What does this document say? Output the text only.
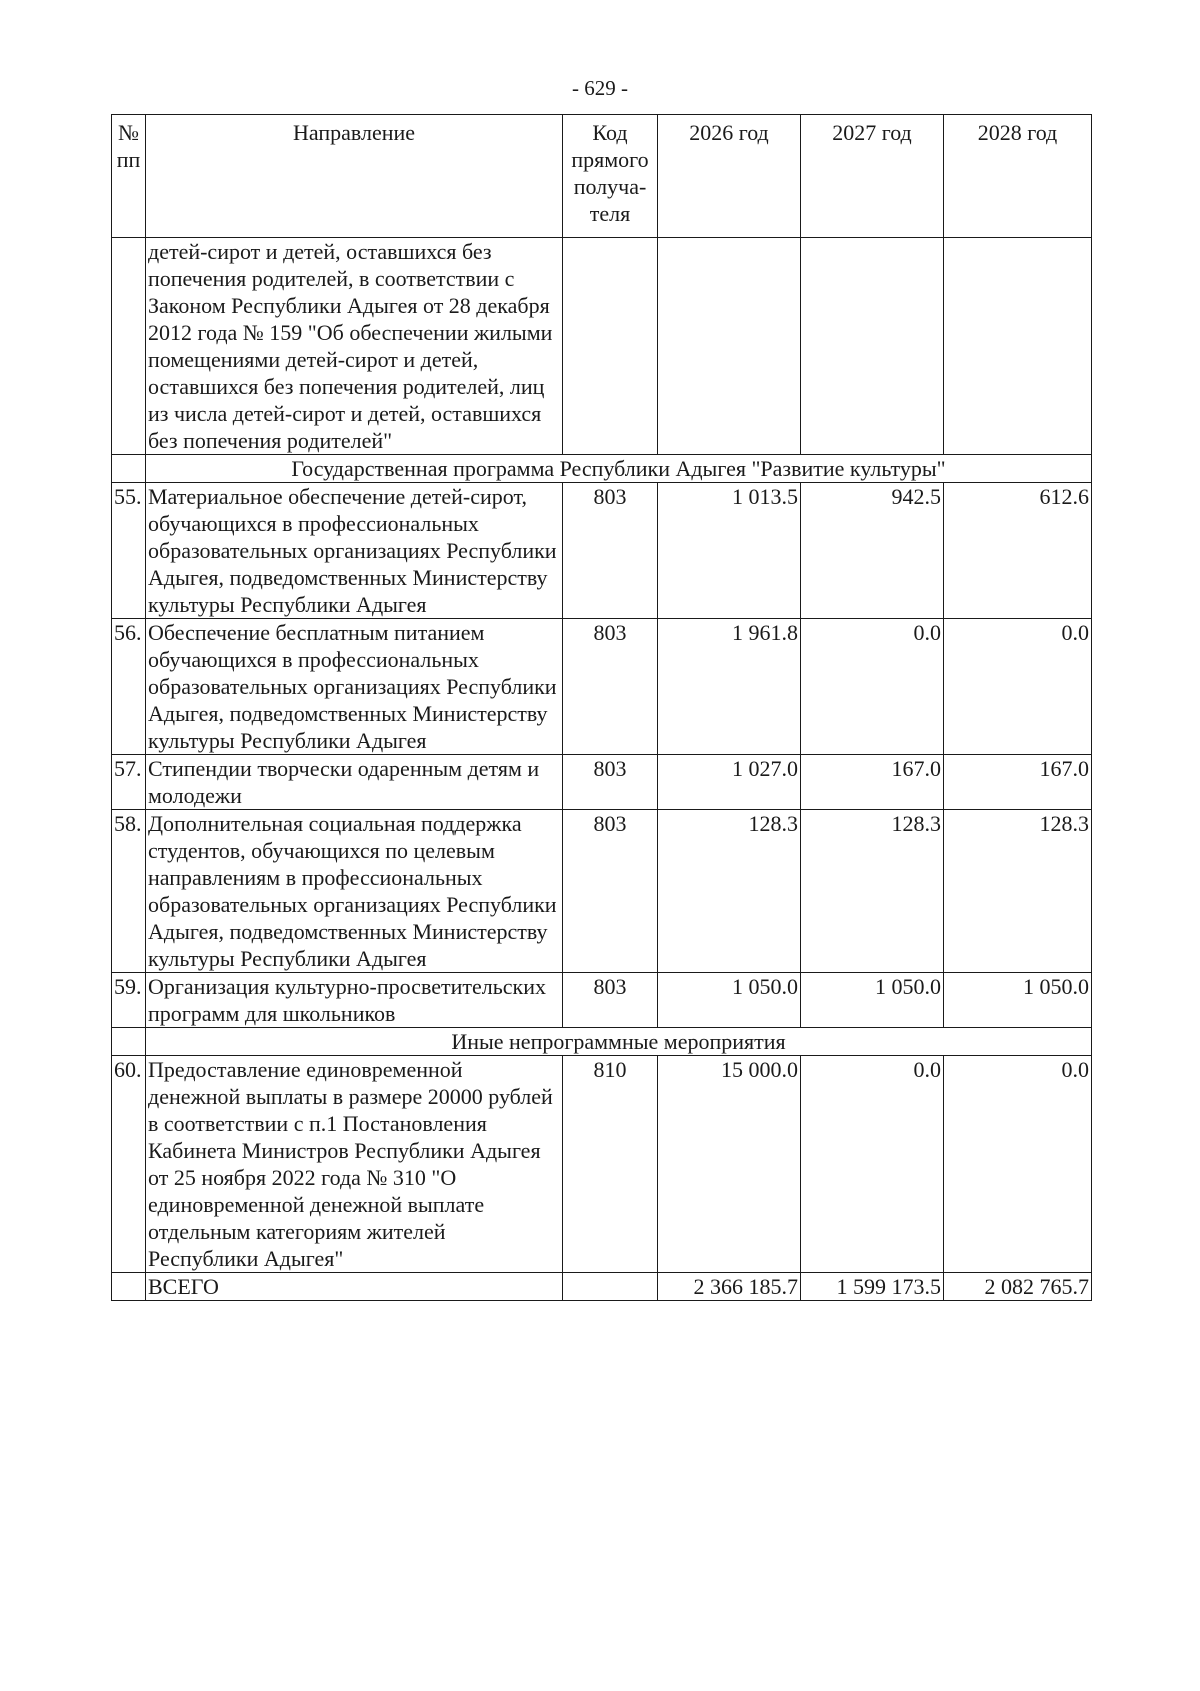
- 629 -
№ пп	Направление	Код прямого получа-теля	2026 год	2027 год	2028 год
	детей-сирот и детей, оставшихся без попечения родителей, в соответствии с Законом Республики Адыгея от 28 декабря 2012 года № 159 "Об обеспечении жилыми помещениями детей-сирот и детей, оставшихся без попечения родителей, лиц из числа детей-сирот и детей, оставшихся без попечения родителей"				
	Государственная программа Республики Адыгея "Развитие культуры"				
55.	Материальное обеспечение детей-сирот, обучающихся в профессиональных образовательных организациях Республики Адыгея, подведомственных Министерству культуры Республики Адыгея	803	1 013.5	942.5	612.6
56.	Обеспечение бесплатным питанием обучающихся в профессиональных образовательных организациях Республики Адыгея, подведомственных Министерству культуры Республики Адыгея	803	1 961.8	0.0	0.0
57.	Стипендии творчески одаренным детям и молодежи	803	1 027.0	167.0	167.0
58.	Дополнительная социальная поддержка студентов, обучающихся по целевым направлениям в профессиональных образовательных организациях Республики Адыгея, подведомственных Министерству культуры Республики Адыгея	803	128.3	128.3	128.3
59.	Организация культурно-просветительских программ для школьников	803	1 050.0	1 050.0	1 050.0
	Иные непрограммные мероприятия				
60.	Предоставление единовременной денежной выплаты в размере 20000 рублей в соответствии с п.1 Постановления Кабинета Министров Республики Адыгея от 25 ноября 2022 года № 310 "О единовременной денежной выплате отдельным категориям жителей Республики Адыгея"	810	15 000.0	0.0	0.0
	ВСЕГО		2 366 185.7	1 599 173.5	2 082 765.7
